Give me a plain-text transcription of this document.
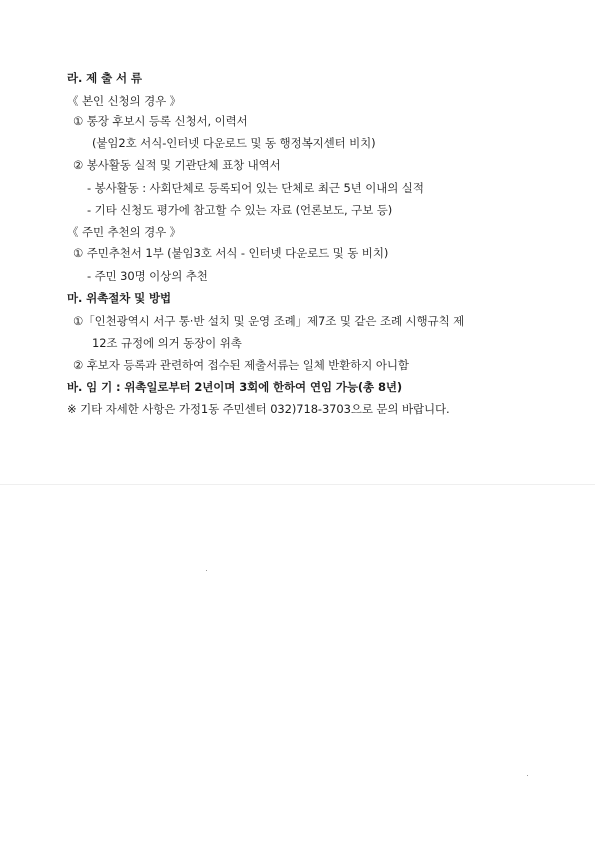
라. 제 출 서 류
《 본인 신청의 경우 》
① 통장 후보시 등록 신청서, 이력서
(붙임2호 서식-인터넷 다운로드 및 동 행정복지센터 비치)
② 봉사활동 실적 및 기관단체 표창 내역서
- 봉사활동 : 사회단체로 등록되어 있는 단체로 최근 5년 이내의 실적
- 기타 신청도 평가에 참고할 수 있는 자료 (언론보도, 구보 등)
《 주민 추천의 경우 》
① 주민추천서 1부 (붙임3호 서식 - 인터넷 다운로드 및 동 비치)
- 주민 30명 이상의 추천
마. 위촉절차 및 방법
①「인천광역시 서구 통·반 설치 및 운영 조례」제7조 및 같은 조례 시행규칙 제
12조 규정에 의거 동장이 위촉
② 후보자 등록과 관련하여 접수된 제출서류는 일체 반환하지 아니함
바. 임 기 : 위촉일로부터 2년이며 3회에 한하여 연임 가능(총 8년)
※ 기타 자세한 사항은 가정1동 주민센터 032)718-3703으로 문의 바랍니다.
